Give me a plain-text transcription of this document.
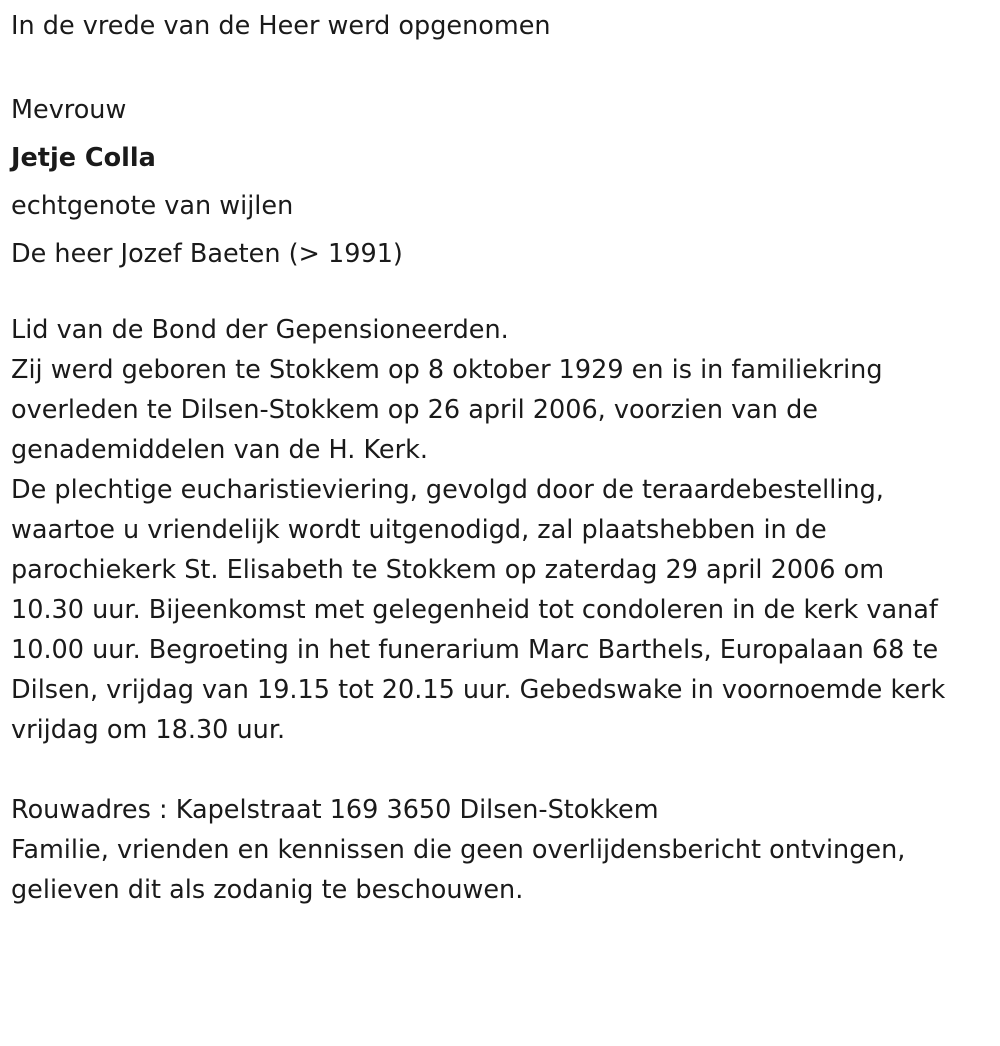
In de vrede van de Heer werd opgenomen

Mevrouw

Jetje Colla

echtgenote van wijlen

De heer Jozef Baeten (> 1991)

Lid van de Bond der Gepensioneerden.

Zij werd geboren te Stokkem op 8 oktober 1929 en is in familiekring
overleden te Dilsen-Stokkem op 26 april 2006, voorzien van de
genademiddelen van de H. Kerk.
De plechtige eucharistieviering, gevolgd door de teraardebestelling,
waartoe u vriendelijk wordt uitgenodigd, zal plaatshebben in de
parochiekerk St. Elisabeth te Stokkem op zaterdag 29 april 2006 om
10.30 uur. Bijeenkomst met gelegenheid tot condoleren in de kerk vanaf
10.00 uur. Begroeting in het funerarium Marc Barthels, Europalaan 68 te
Dilsen, vrijdag van 19.15 tot 20.15 uur. Gebedswake in voornoemde kerk
vrijdag om 18.30 uur.

Rouwadres : Kapelstraat 169 3650 Dilsen-Stokkem

Familie, vrienden en kennissen die geen overlijdensbericht ontvingen,
gelieven dit als zodanig te beschouwen.
